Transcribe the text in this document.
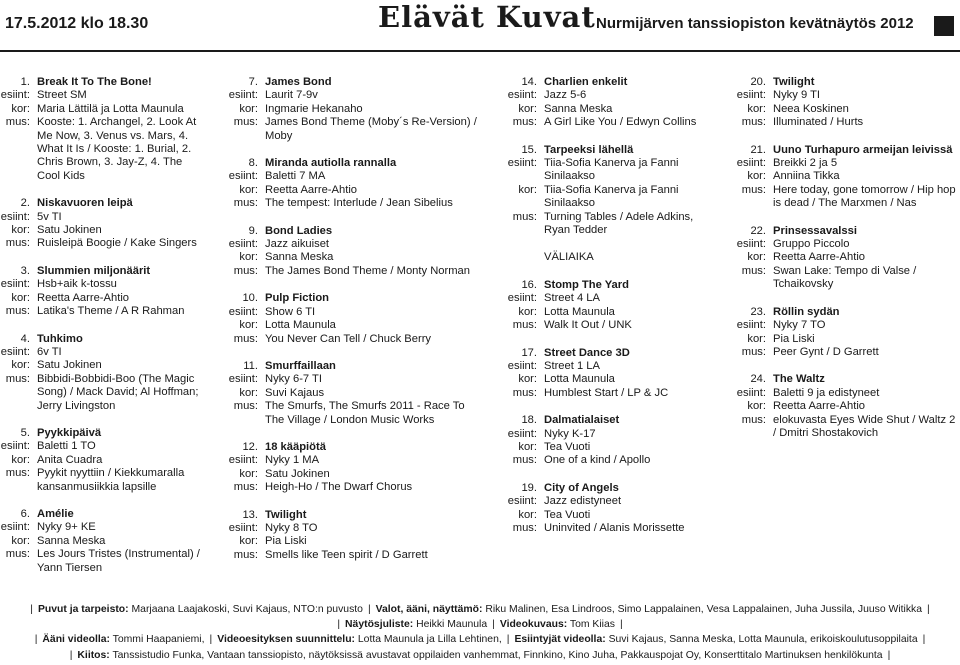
17.5.2012 klo 18.30	Elävät Kuvat Nurmijärven tanssiopiston kevätnäytös 2012
1. Break It To The Bone!
esiint: Street SM
kor: Maria Lättilä ja Lotta Maunula
mus: Kooste: 1. Archangel, 2. Look At Me Now, 3. Venus vs. Mars, 4. What It Is / Kooste: 1. Burial, 2. Chris Brown, 3. Jay-Z, 4. The Cool Kids
2. Niskavuoren leipä
esiint: 5v TI
kor: Satu Jokinen
mus: Ruisleipä Boogie / Kake Singers
3. Slummien miljonäärit
esiint: Hsb+aik k-tossu
kor: Reetta Aarre-Ahtio
mus: Latika's Theme / A R Rahman
4. Tuhkimo
esiint: 6v TI
kor: Satu Jokinen
mus: Bibbidi-Bobbidi-Boo (The Magic Song) / Mack David; Al Hoffman; Jerry Livingston
5. Pyykkipäivä
esiint: Baletti 1 TO
kor: Anita Cuadra
mus: Pyykit nyyttiin / Kiekkumaralla kansanmusiikkia lapsille
6. Amélie
esiint: Nyky 9+ KE
kor: Sanna Meska
mus: Les Jours Tristes (Instrumental) / Yann Tiersen
7. James Bond
esiint: Laurit 7-9v
kor: Ingmarie Hekanaho
mus: James Bond Theme (Moby´s Re-Version) / Moby
8. Miranda autiolla rannalla
esiint: Baletti 7 MA
kor: Reetta Aarre-Ahtio
mus: The tempest: Interlude / Jean Sibelius
9. Bond Ladies
esiint: Jazz aikuiset
kor: Sanna Meska
mus: The James Bond Theme / Monty Norman
10. Pulp Fiction
esiint: Show 6 TI
kor: Lotta Maunula
mus: You Never Can Tell / Chuck Berry
11. Smurffaillaan
esiint: Nyky 6-7 TI
kor: Suvi Kajaus
mus: The Smurfs, The Smurfs 2011 - Race To The Village / London Music Works
12. 18 kääpiötä
esiint: Nyky 1 MA
kor: Satu Jokinen
mus: Heigh-Ho / The Dwarf Chorus
13. Twilight
esiint: Nyky 8 TO
kor: Pia Liski
mus: Smells like Teen spirit / D Garrett
14. Charlien enkelit
esiint: Jazz 5-6
kor: Sanna Meska
mus: A Girl Like You / Edwyn Collins
15. Tarpeeksi lähellä
esiint: Tiia-Sofia Kanerva ja Fanni Sinilaakso
kor: Tiia-Sofia Kanerva ja Fanni Sinilaakso
mus: Turning Tables / Adele Adkins, Ryan Tedder
VÄLIAIKA
16. Stomp The Yard
esiint: Street 4 LA
kor: Lotta Maunula
mus: Walk It Out / UNK
17. Street Dance 3D
esiint: Street 1 LA
kor: Lotta Maunula
mus: Humblest Start / LP & JC
18. Dalmatialaiset
esiint: Nyky K-17
kor: Tea Vuoti
mus: One of a kind / Apollo
19. City of Angels
esiint: Jazz edistyneet
kor: Tea Vuoti
mus: Uninvited / Alanis Morissette
20. Twilight
esiint: Nyky 9 TI
kor: Neea Koskinen
mus: Illuminated / Hurts
21. Uuno Turhapuro armeijan leivissä
esiint: Breikki 2 ja 5
kor: Anniina Tikka
mus: Here today, gone tomorrow / Hip hop is dead / The Marxmen / Nas
22. Prinsessavalssi
esiint: Gruppo Piccolo
kor: Reetta Aarre-Ahtio
mus: Swan Lake: Tempo di Valse / Tchaikovsky
23. Röllin sydän
esiint: Nyky 7 TO
kor: Pia Liski
mus: Peer Gynt / D Garrett
24. The Waltz
esiint: Baletti 9 ja edistyneet
kor: Reetta Aarre-Ahtio
mus: elokuvasta Eyes Wide Shut / Waltz 2 / Dmitri Shostakovich
| Puvut ja tarpeisto: Marjaana Laajakoski, Suvi Kajaus, NTO:n puvusto | Valot, ääni, näyttämö: Riku Malinen, Esa Lindroos, Simo Lappalainen, Vesa Lappalainen, Juha Jussila, Juuso Witikka |
| Näytösjuliste: Heikki Maunula | Videokuvaus: Tom Kiias |
| Ääni videolla: Tommi Haapaniemi, | Videoesityksen suunnittelu: Lotta Maunula ja Lilla Lehtinen, | Esiintyjät videolla: Suvi Kajaus, Sanna Meska, Lotta Maunula, erikoiskoulutusoppilaita |
| Kiitos: Tanssistudio Funka, Vantaan tanssiopisto, näytöksissä avustavat oppilaiden vanhemmat, Finnkino, Kino Juha, Pakkauspojat Oy, Konserttitalo Martinuksen henkilökunta |
